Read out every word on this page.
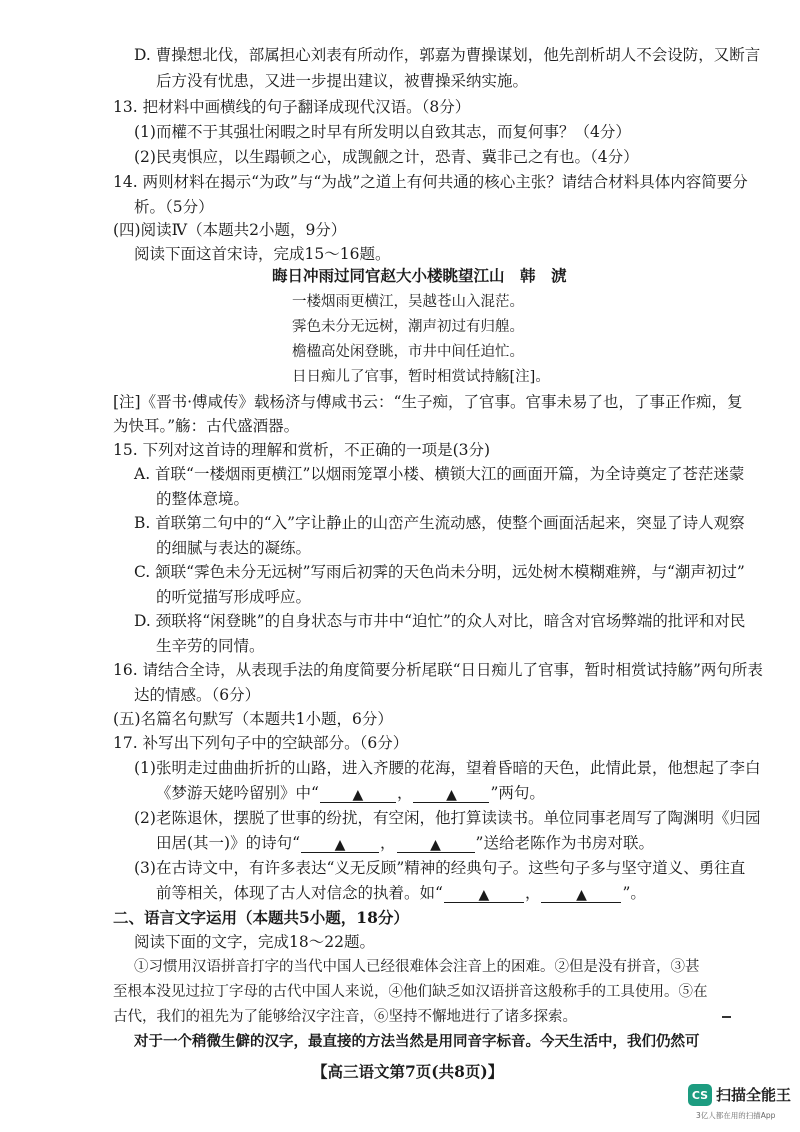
D. 曹操想北伐，部属担心刘表有所动作，郭嘉为曹操谋划，他先剖析胡人不会设防，又断言
后方没有忧患，又进一步提出建议，被曹操采纳实施。
13. 把材料中画横线的句子翻译成现代汉语。（8分）
(1)而權不于其强壮闲暇之时早有所发明以自致其志，而复何事？（4分）
(2)民夷惧应，以生蹋顿之心，成觊觎之计，恐青、冀非己之有也。（4分）
14. 两则材料在揭示“为政”与“为战”之道上有何共通的核心主张？请结合材料具体内容简要分
析。（5分）
(四)阅读Ⅳ（本题共2小题，9分）
阅读下面这首宋诗，完成15～16题。
晦日冲雨过同官赵大小楼眺望江山　韩　淲
一楼烟雨更横江，吴越苍山入混茫。
霁色未分无远树，潮声初过有归艎。
檐楹高处闲登眺，市井中间任迫忙。
日日痴儿了官事，暂时相赏试持觞[注]。
[注]《晋书·傅咸传》载杨济与傅咸书云：“生子痴，了官事。官事未易了也，了事正作痴，复
为快耳。”觞：古代盛酒器。
15. 下列对这首诗的理解和赏析，不正确的一项是(3分)
A. 首联“一楼烟雨更横江”以烟雨笼罩小楼、横锁大江的画面开篇，为全诗奠定了苍茫迷蒙
的整体意境。
B. 首联第二句中的“入”字让静止的山峦产生流动感，使整个画面活起来，突显了诗人观察
的细腻与表达的凝练。
C. 颔联“霁色未分无远树”写雨后初霁的天色尚未分明，远处树木模糊难辨，与“潮声初过”
的听觉描写形成呼应。
D. 颈联将“闲登眺”的自身状态与市井中“迫忙”的众人对比，暗含对官场弊端的批评和对民
生辛劳的同情。
16. 请结合全诗，从表现手法的角度简要分析尾联“日日痴儿了官事，暂时相赏试持觞”两句所表
达的情感。（6分）
(五)名篇名句默写（本题共1小题，6分）
17. 补写出下列句子中的空缺部分。（6分）
(1)张明走过曲曲折折的山路，进入齐腰的花海，望着昏暗的天色，此情此景，他想起了李白
《梦游天姥吟留别》中“ ▲ ， ▲ ”两句。
(2)老陈退休，摆脱了世事的纷扰，有空闲，他打算读读书。单位同事老周写了陶渊明《归园
田居(其一)》的诗句“ ▲ ， ▲ ”送给老陈作为书房对联。
(3)在古诗文中，有许多表达“义无反顾”精神的经典句子。这些句子多与坚守道义、勇往直
前等相关，体现了古人对信念的执着。如“	▲ ，	▲ ”。
二、语言文字运用（本题共5小题，18分）
阅读下面的文字，完成18～22题。
①习惯用汉语拼音打字的当代中国人已经很难体会注音上的困难。②但是没有拼音，③甚
至根本没见过拉丁字母的古代中国人来说，④他们缺乏如汉语拼音这般称手的工具使用。⑤在
古代，我们的祖先为了能够给汉字注音，⑥坚持不懈地进行了诸多探索。
对于一个稍微生僻的汉字，最直接的方法当然是用同音字标音。今天生活中，我们仍然可
【高三语文第7页(共8页)】
CS 扫描全能王
3亿人都在用的扫描App
